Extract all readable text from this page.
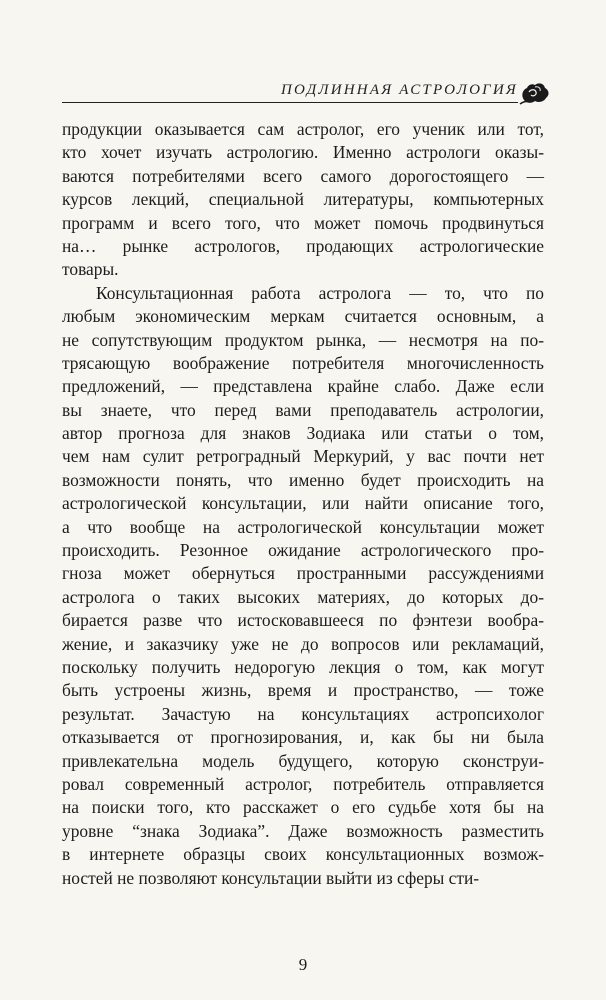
ПОДЛИННАЯ АСТРОЛОГИЯ

продукции оказывается сам астролог, его ученик или тот,
кто хочет изучать астрологию. Именно астрологи оказы-
ваются потребителями всего самого дорогостоящего —
курсов лекций, специальной литературы, компьютерных
программ и всего того, что может помочь продвинуться
на… рынке астрологов, продающих астрологические
товары.

Консультационная работа астролога — то, что по
любым экономическим меркам считается основным, а
не сопутствующим продуктом рынка, — несмотря на по-
трясающую воображение потребителя многочисленность
предложений, — представлена крайне слабо. Даже если
вы знаете, что перед вами преподаватель астрологии,
автор прогноза для знаков Зодиака или статьи о том,
чем нам сулит ретроградный Меркурий, у вас почти нет
возможности понять, что именно будет происходить на
астрологической консультации, или найти описание того,
а что вообще на астрологической консультации может
происходить. Резонное ожидание астрологического про-
гноза может обернуться пространными рассуждениями
астролога о таких высоких материях, до которых до-
бирается разве что истосковавшееся по фэнтези вообра-
жение, и заказчику уже не до вопросов или рекламаций,
поскольку получить недорогую лекция о том, как могут
быть устроены жизнь, время и пространство, — тоже
результат. Зачастую на консультациях астропсихолог
отказывается от прогнозирования, и, как бы ни была
привлекательна модель будущего, которую сконструи-
ровал современный астролог, потребитель отправляется
на поиски того, кто расскажет о его судьбе хотя бы на
уровне “знака Зодиака”. Даже возможность разместить
в интернете образцы своих консультационных возмож-
ностей не позволяют консультации выйти из сферы сти-

9
